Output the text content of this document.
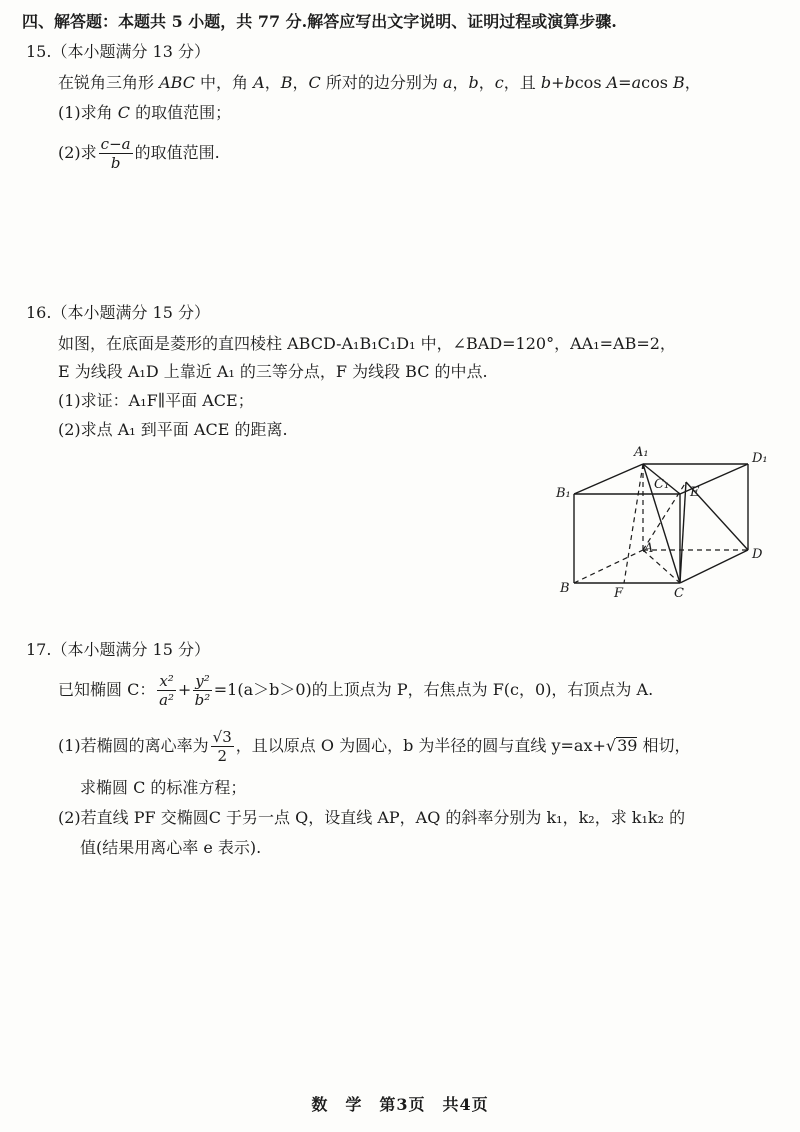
四、解答题：本题共 5 小题，共 77 分.解答应写出文字说明、证明过程或演算步骤.
15.（本小题满分 13 分）
在锐角三角形 ABC 中，角 A，B，C 所对的边分别为 a，b，c，且 b+bcos A=acos B，
(1)求角 C 的取值范围；
(2)求 $\frac{c-a}{b}$ 的取值范围.
16.（本小题满分 15 分）
如图，在底面是菱形的直四棱柱 ABCD-A₁B₁C₁D₁ 中，∠BAD=120°，AA₁=AB=2，
E 为线段 A₁D 上靠近 A₁ 的三等分点，F 为线段 BC 的中点.
(1)求证：A₁F∥平面 ACE；
(2)求点 A₁ 到平面 ACE 的距离.
A₁	D₁
B₁
C₁
E
A	D
B	F	C
17.（本小题满分 15 分）
已知椭圆 C： $\frac{\text{x²}}{\text{a²}} + \frac{\text{y²}}{\text{b²}} =1(a>b>0)$的上顶点为 P，右焦点为 F(c，0)，右顶点为 A.
(1)若椭圆的离心率为 $\frac{√3}{2}$ ，且以原点 O 为圆心，b 为半径的圆与直线 y=ax+√39 相切，
求椭圆 C 的标准方程；
(2)若直线 PF 交椭圆C 于另一点 Q，设直线 AP，AQ 的斜率分别为 k₁，k₂，求 k₁k₂ 的
值(结果用离心率 e 表示).
数　学　第3页　共4页
